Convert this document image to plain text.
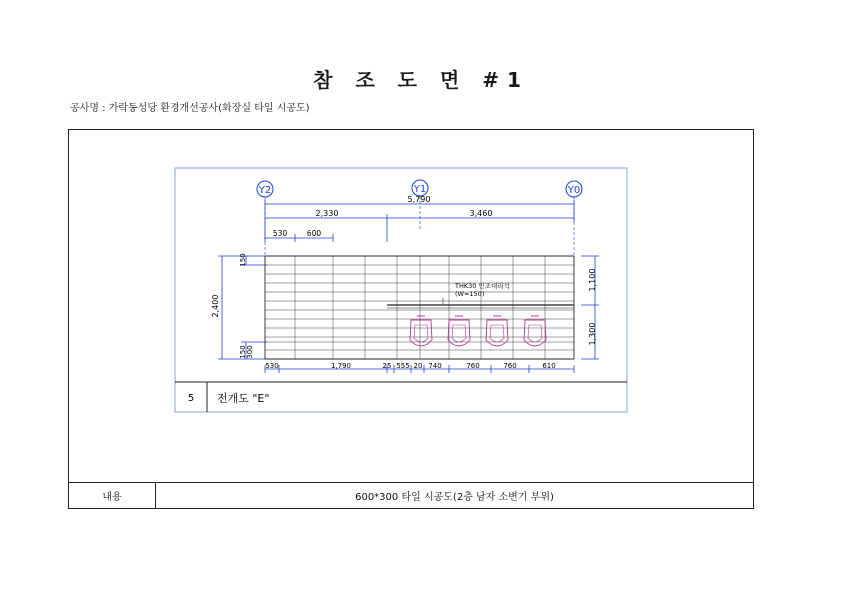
참 조 도 면 #1
공사명 : 가락동성당 환경개선공사(화장실 타일 시공도)
Y2	Y1	Y0
5,790
2,330	3,460
530	600
2,400
150
150 300
1,100
1,300
THK30 인조대리석
(W=150)
530	1,790	25 555 20 740	760	760	610
5 전개도 "E"
내용	600*300 타일 시공도(2층 남자 소변기 부위)
